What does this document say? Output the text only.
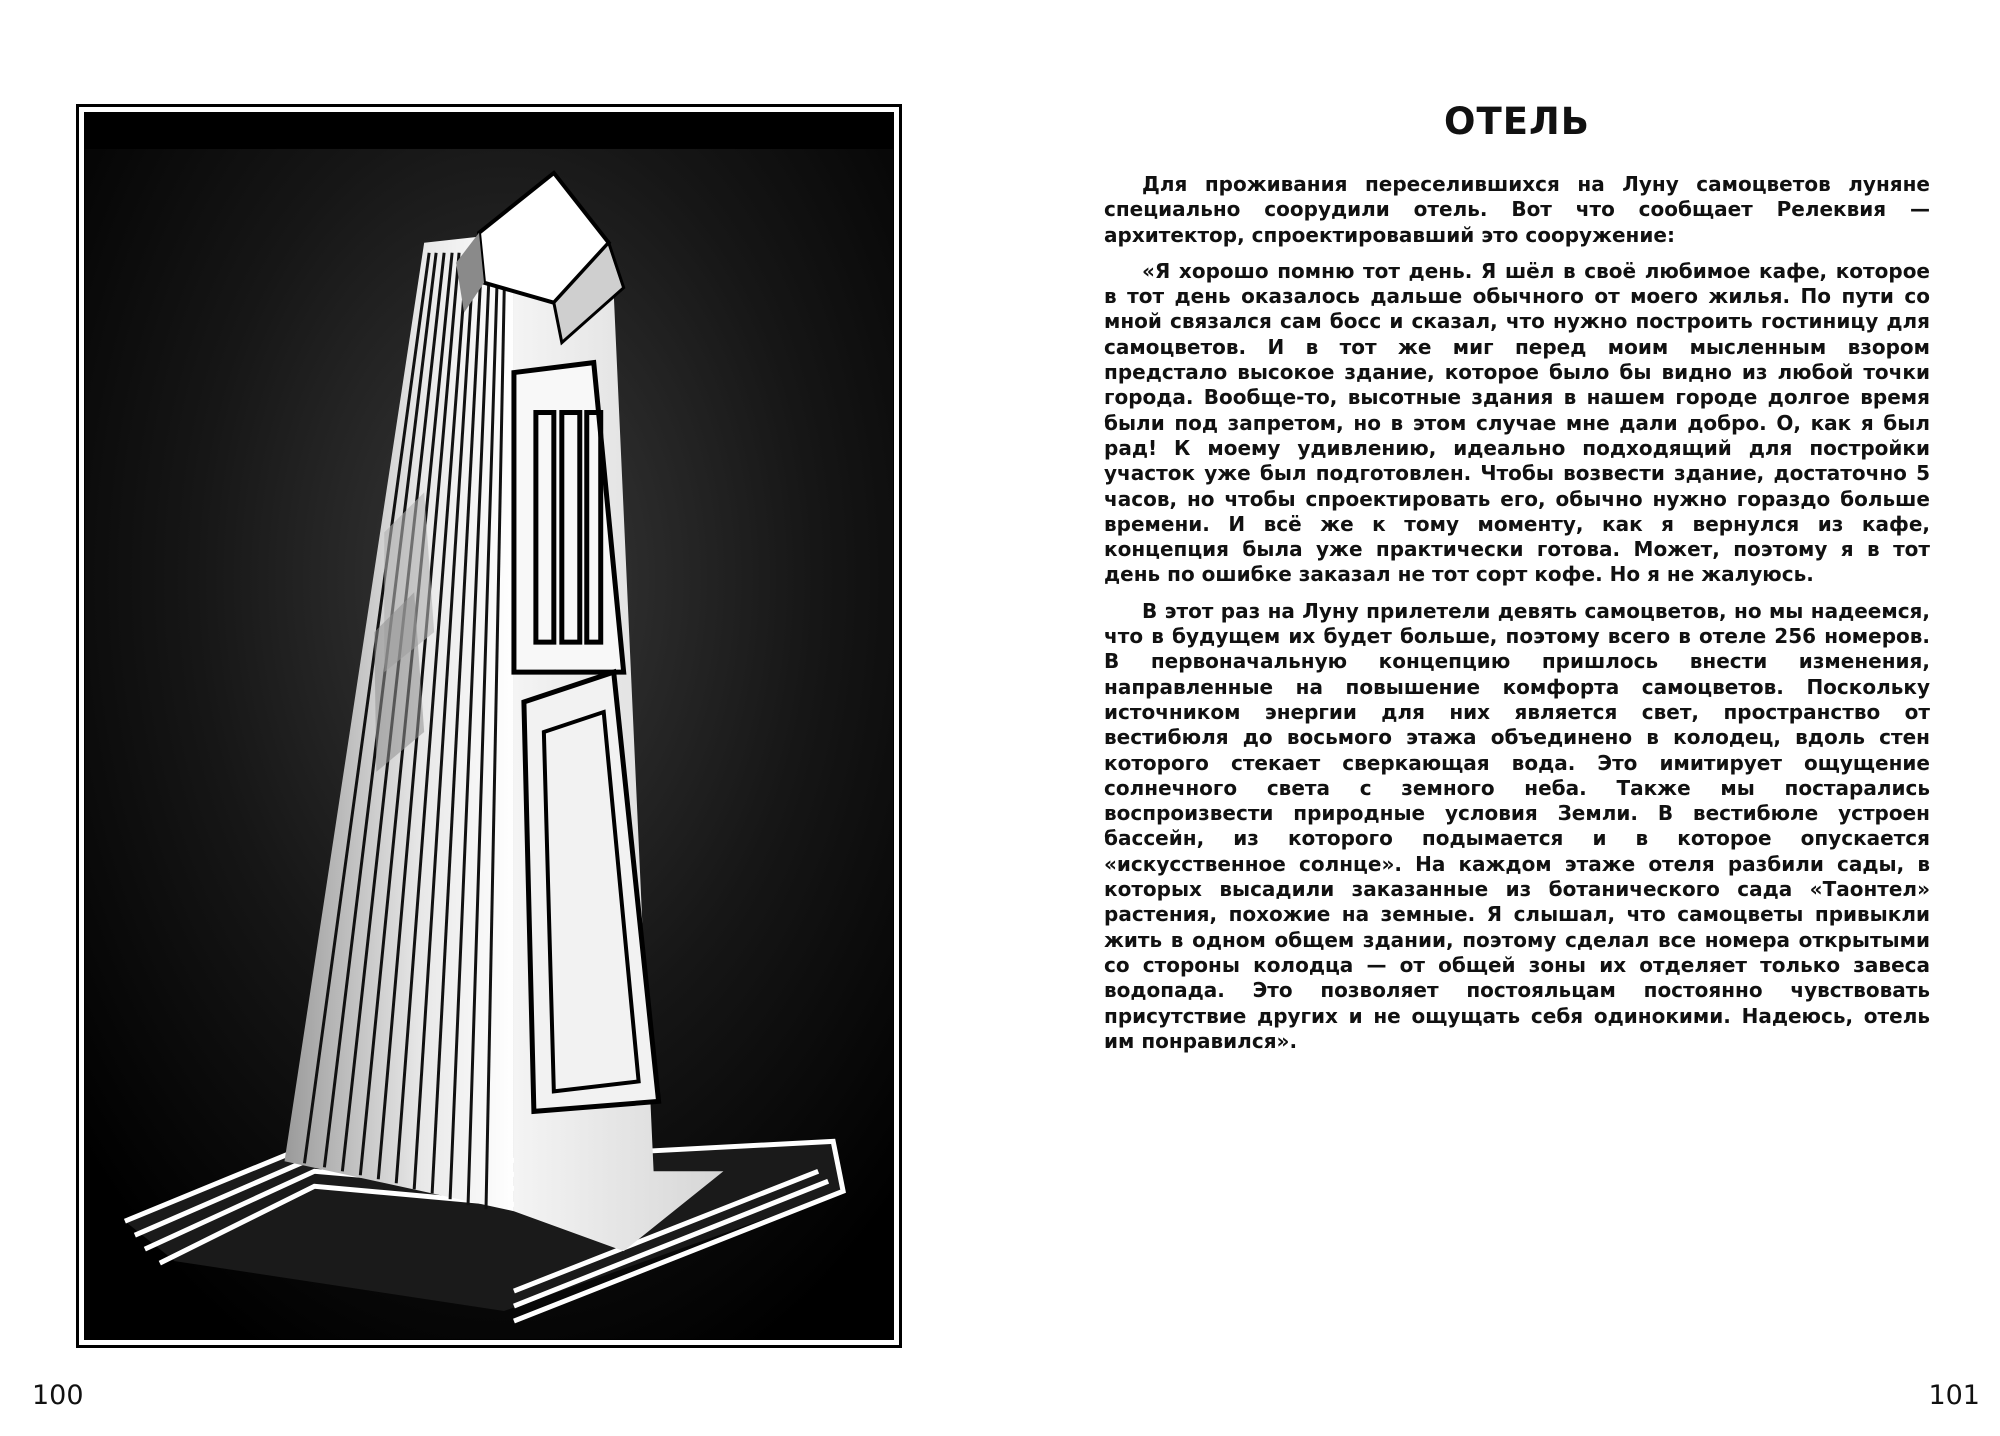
100
ОТЕЛЬ

Для проживания переселившихся на Луну самоцветов луняне специально соорудили отель. Вот что сообщает Релеквия — архитектор, спроектировавший это сооружение:

«Я хорошо помню тот день. Я шёл в своё любимое кафе, которое в тот день оказалось дальше обычного от моего жилья. По пути со мной связался сам босс и сказал, что нужно построить гостиницу для самоцветов. И в тот же миг перед моим мысленным взором предстало высокое здание, которое было бы видно из любой точки города. Вообще-то, высотные здания в нашем городе долгое время были под запретом, но в этом случае мне дали добро. О, как я был рад! К моему удивлению, идеально подходящий для постройки участок уже был подготовлен. Чтобы возвести здание, достаточно 5 часов, но чтобы спроектировать его, обычно нужно гораздо больше времени. И всё же к тому моменту, как я вернулся из кафе, концепция была уже практически готова. Может, поэтому я в тот день по ошибке заказал не тот сорт кофе. Но я не жалуюсь.

В этот раз на Луну прилетели девять самоцветов, но мы надеемся, что в будущем их будет больше, поэтому всего в отеле 256 номеров. В первоначальную концепцию пришлось внести изменения, направленные на повышение комфорта самоцветов. Поскольку источником энергии для них является свет, пространство от вестибюля до восьмого этажа объединено в колодец, вдоль стен которого стекает сверкающая вода. Это имитирует ощущение солнечного света с земного неба. Также мы постарались воспроизвести природные условия Земли. В вестибюле устроен бассейн, из которого подымается и в которое опускается «искусственное солнце». На каждом этаже отеля разбили сады, в которых высадили заказанные из ботанического сада «Таонтел» растения, похожие на земные. Я слышал, что самоцветы привыкли жить в одном общем здании, поэтому сделал все номера открытыми со стороны колодца — от общей зоны их отделяет только завеса водопада. Это позволяет постояльцам постоянно чувствовать присутствие других и не ощущать себя одинокими. Надеюсь, отель им понравился».

101
